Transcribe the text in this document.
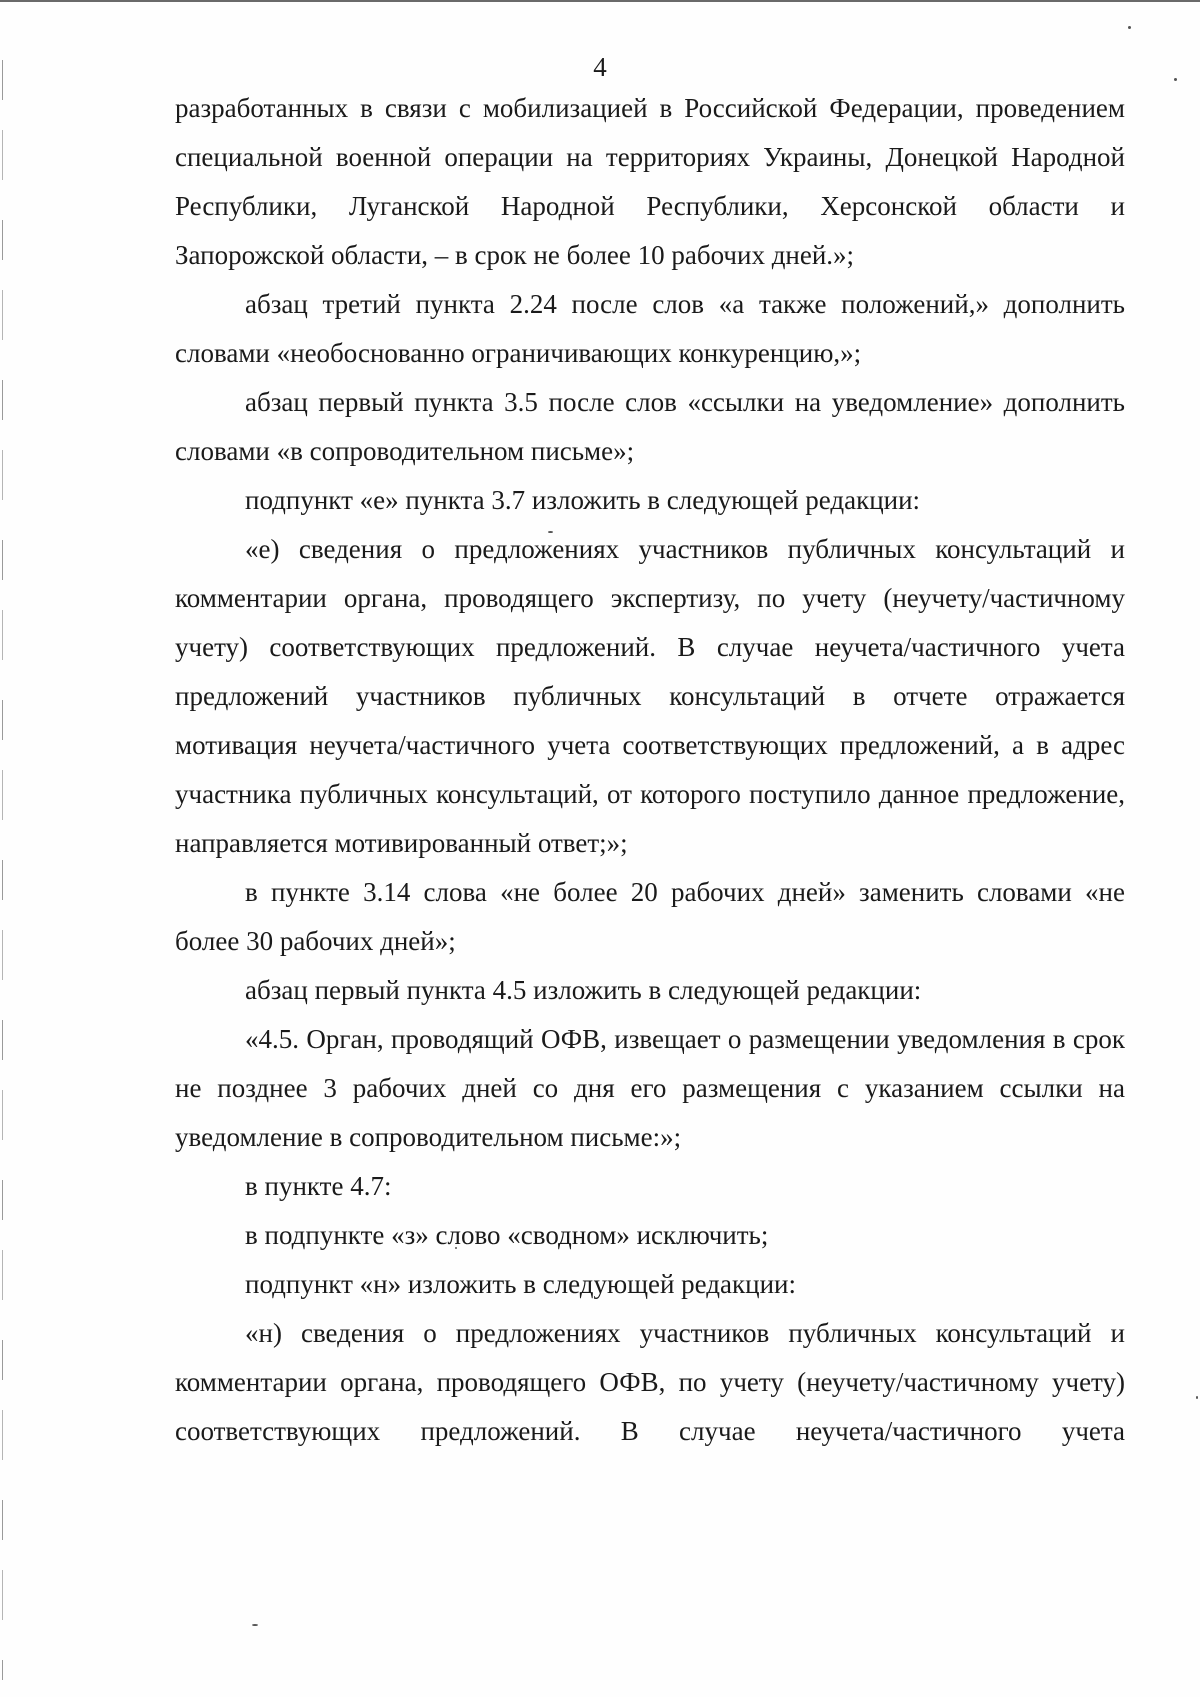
4

разработанных в связи с мобилизацией в Российской Федерации, проведением специальной военной операции на территориях Украины, Донецкой Народной Республики, Луганской Народной Республики, Херсонской области и Запорожской области, – в срок не более 10 рабочих дней.»;

абзац третий пункта 2.24 после слов «а также положений,» дополнить словами «необоснованно ограничивающих конкуренцию,»;

абзац первый пункта 3.5 после слов «ссылки на уведомление» дополнить словами «в сопроводительном письме»;

подпункт «е» пункта 3.7 изложить в следующей редакции:

«е) сведения о предложениях участников публичных консультаций и комментарии органа, проводящего экспертизу, по учету (неучету/частичному учету) соответствующих предложений. В случае неучета/частичного учета предложений участников публичных консультаций в отчете отражается мотивация неучета/частичного учета соответствующих предложений, а в адрес участника публичных консультаций, от которого поступило данное предложение, направляется мотивированный ответ;»;

в пункте 3.14 слова «не более 20 рабочих дней» заменить словами «не более 30 рабочих дней»;

абзац первый пункта 4.5 изложить в следующей редакции:

«4.5. Орган, проводящий ОФВ, извещает о размещении уведомления в срок не позднее 3 рабочих дней со дня его размещения с указанием ссылки на уведомление в сопроводительном письме:»;

в пункте 4.7:

в подпункте «з» слово «сводном» исключить;

подпункт «н» изложить в следующей редакции:

«н) сведения о предложениях участников публичных консультаций и комментарии органа, проводящего ОФВ, по учету (неучету/частичному учету) соответствующих предложений. В случае неучета/частичного учета
